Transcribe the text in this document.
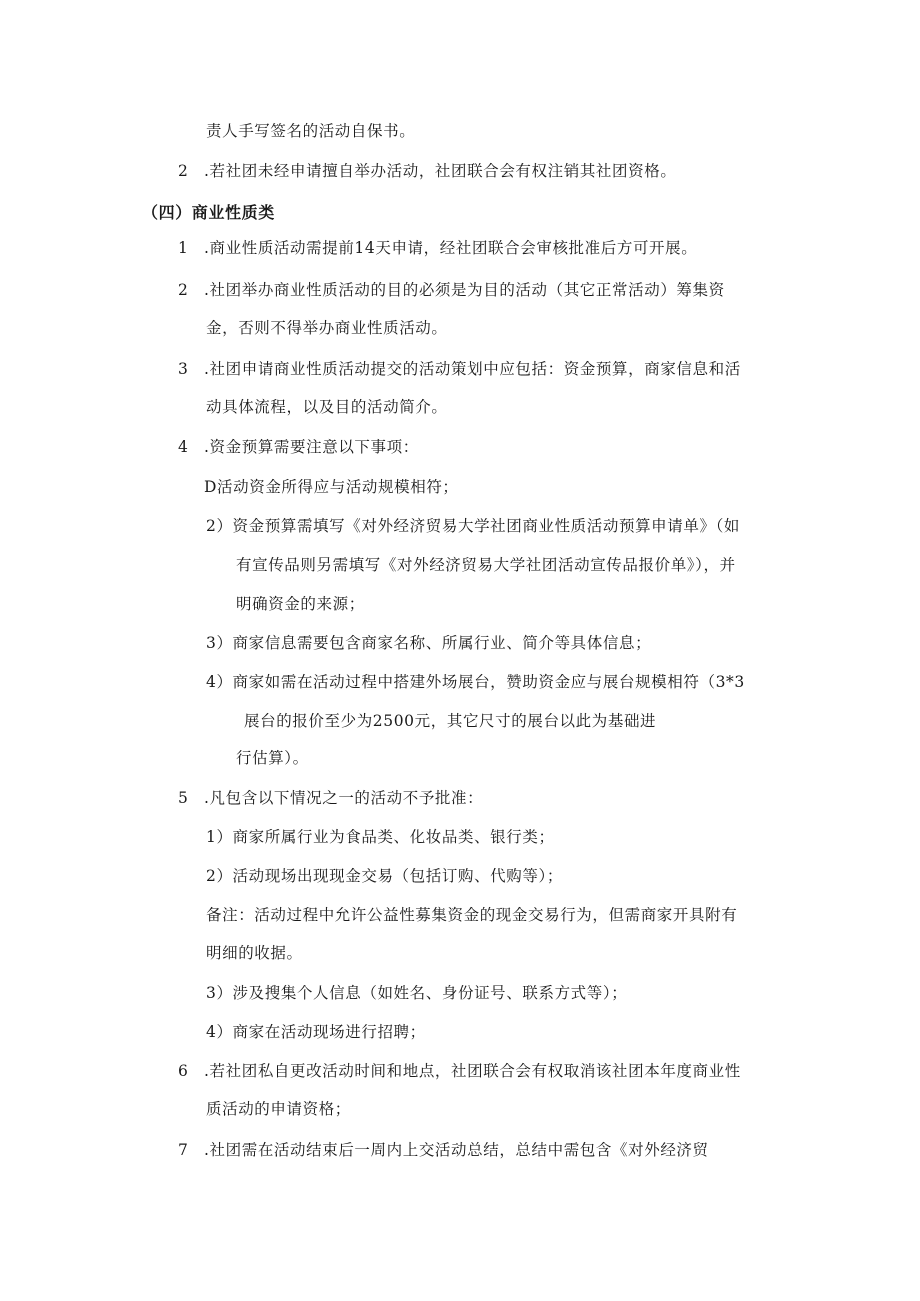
责人手写签名的活动自保书。
2 .若社团未经申请擅自举办活动，社团联合会有权注销其社团资格。
（四）商业性质类
1 .商业性质活动需提前14天申请，经社团联合会审核批准后方可开展。
2 .社团举办商业性质活动的目的必须是为目的活动（其它正常活动）筹集资
金，否则不得举办商业性质活动。
3 .社团申请商业性质活动提交的活动策划中应包括：资金预算，商家信息和活
动具体流程，以及目的活动简介。
4 .资金预算需要注意以下事项：
D活动资金所得应与活动规模相符；
2）资金预算需填写《对外经济贸易大学社团商业性质活动预算申请单》（如
有宣传品则另需填写《对外经济贸易大学社团活动宣传品报价单》），并
明确资金的来源；
3）商家信息需要包含商家名称、所属行业、简介等具体信息；
4）商家如需在活动过程中搭建外场展台，赞助资金应与展台规模相符（3*3
展台的报价至少为2500元，其它尺寸的展台以此为基础进
行估算）。
5 .凡包含以下情况之一的活动不予批准：
1）商家所属行业为食品类、化妆品类、银行类；
2）活动现场出现现金交易（包括订购、代购等）；
备注：活动过程中允许公益性募集资金的现金交易行为，但需商家开具附有
明细的收据。
3）涉及搜集个人信息（如姓名、身份证号、联系方式等）；
4）商家在活动现场进行招聘；
6 .若社团私自更改活动时间和地点，社团联合会有权取消该社团本年度商业性
质活动的申请资格；
7 .社团需在活动结束后一周内上交活动总结，总结中需包含《对外经济贸
